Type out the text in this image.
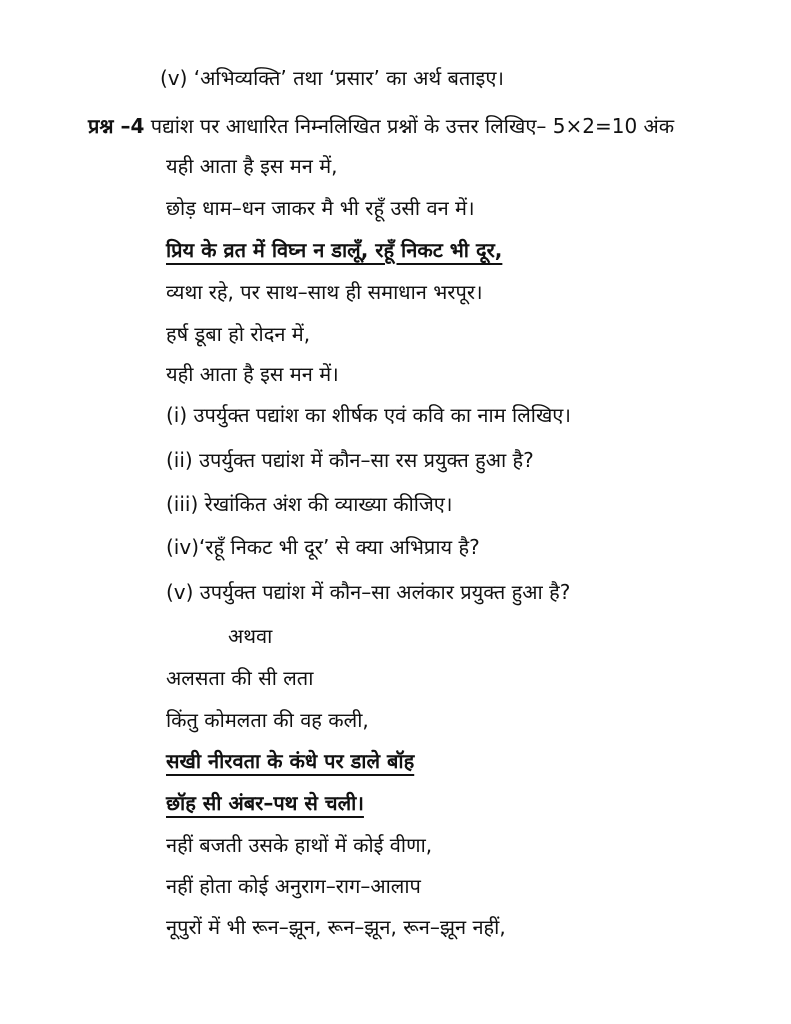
(v) ‘अभिव्यक्ति’ तथा ‘प्रसार’ का अर्थ बताइए।
प्रश्न –4 पद्यांश पर आधारित निम्नलिखित प्रश्नों के उत्तर लिखिए– 5×2=10 अंक
यही आता है इस मन में,
छोड़ धाम–धन जाकर मै भी रहूँ उसी वन में।
प्रिय के व्रत में विघ्न न डालूँ, रहूँ निकट भी दूर,
व्यथा रहे, पर साथ–साथ ही समाधान भरपूर।
हर्ष डूबा हो रोदन में,
यही आता है इस मन में।
(i) उपर्युक्त पद्यांश का शीर्षक एवं कवि का नाम लिखिए।
(ii) उपर्युक्त पद्यांश में कौन–सा रस प्रयुक्त हुआ है?
(iii) रेखांकित अंश की व्याख्या कीजिए।
(iv)‘रहूँ निकट भी दूर’ से क्या अभिप्राय है?
(v) उपर्युक्त पद्यांश में कौन–सा अलंकार प्रयुक्त हुआ है?
अथवा
अलसता की सी लता
किंतु कोमलता की वह कली,
सखी नीरवता के कंधे पर डाले बॉह
छॉह सी अंबर–पथ से चली।
नहीं बजती उसके हाथों में कोई वीणा,
नहीं होता कोई अनुराग–राग–आलाप
नूपुरों में भी रून–झून, रून–झून, रून–झून नहीं,
